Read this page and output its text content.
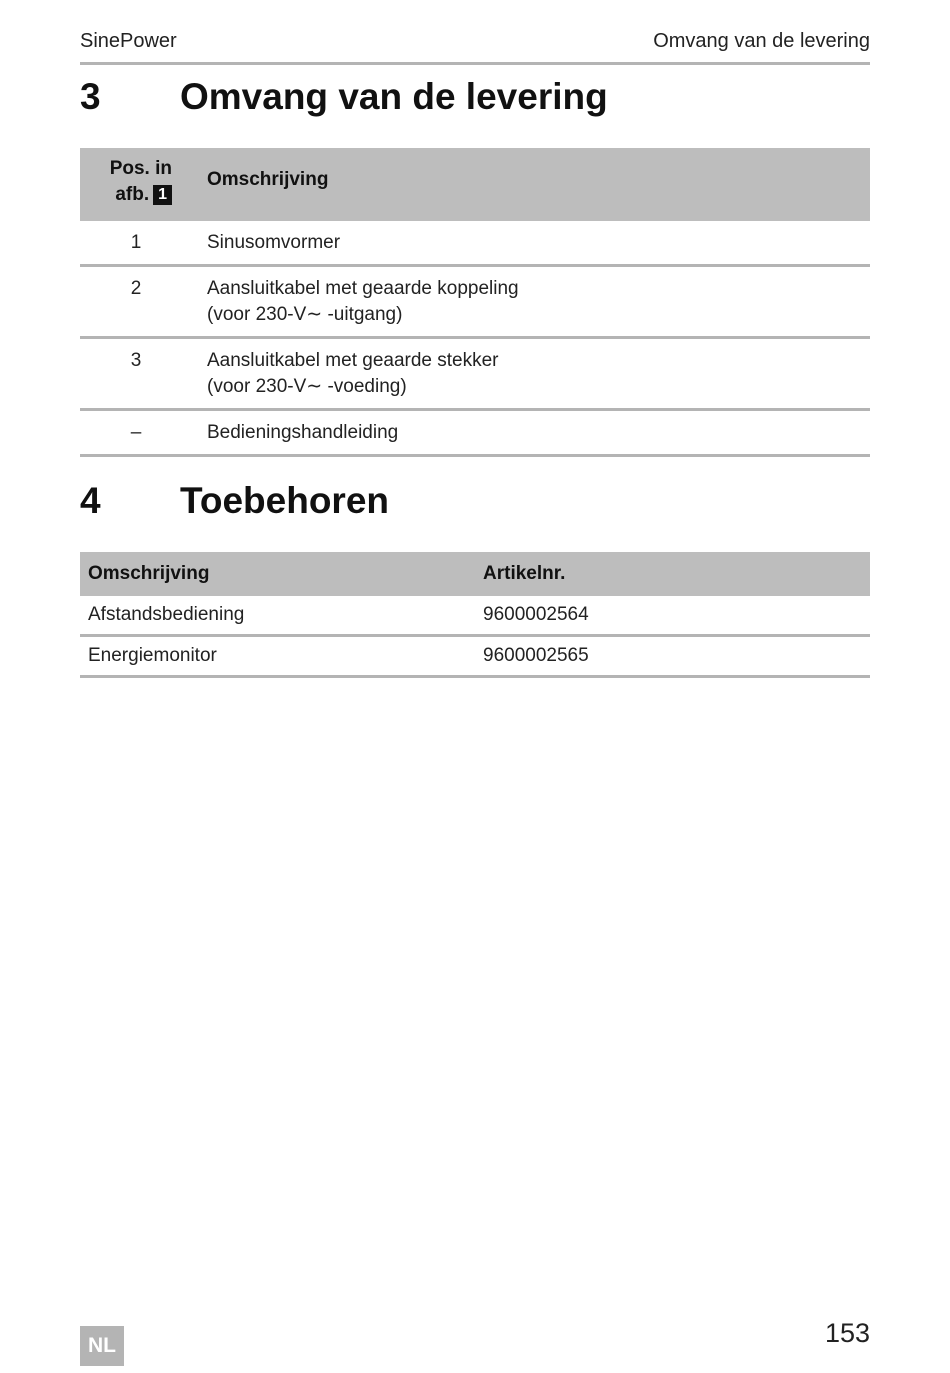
SinePower	Omvang van de levering
3	Omvang van de levering
Pos. in
afb. 1	Omschrijving
1	Sinusomvormer
2	Aansluitkabel met geaarde koppeling
(voor 230-V∼ -uitgang)
3	Aansluitkabel met geaarde stekker
(voor 230-V∼ -voeding)
–	Bedieningshandleiding
4	Toebehoren
Omschrijving	Artikelnr.
Afstandsbediening	9600002564
Energiemonitor	9600002565
NL	153
